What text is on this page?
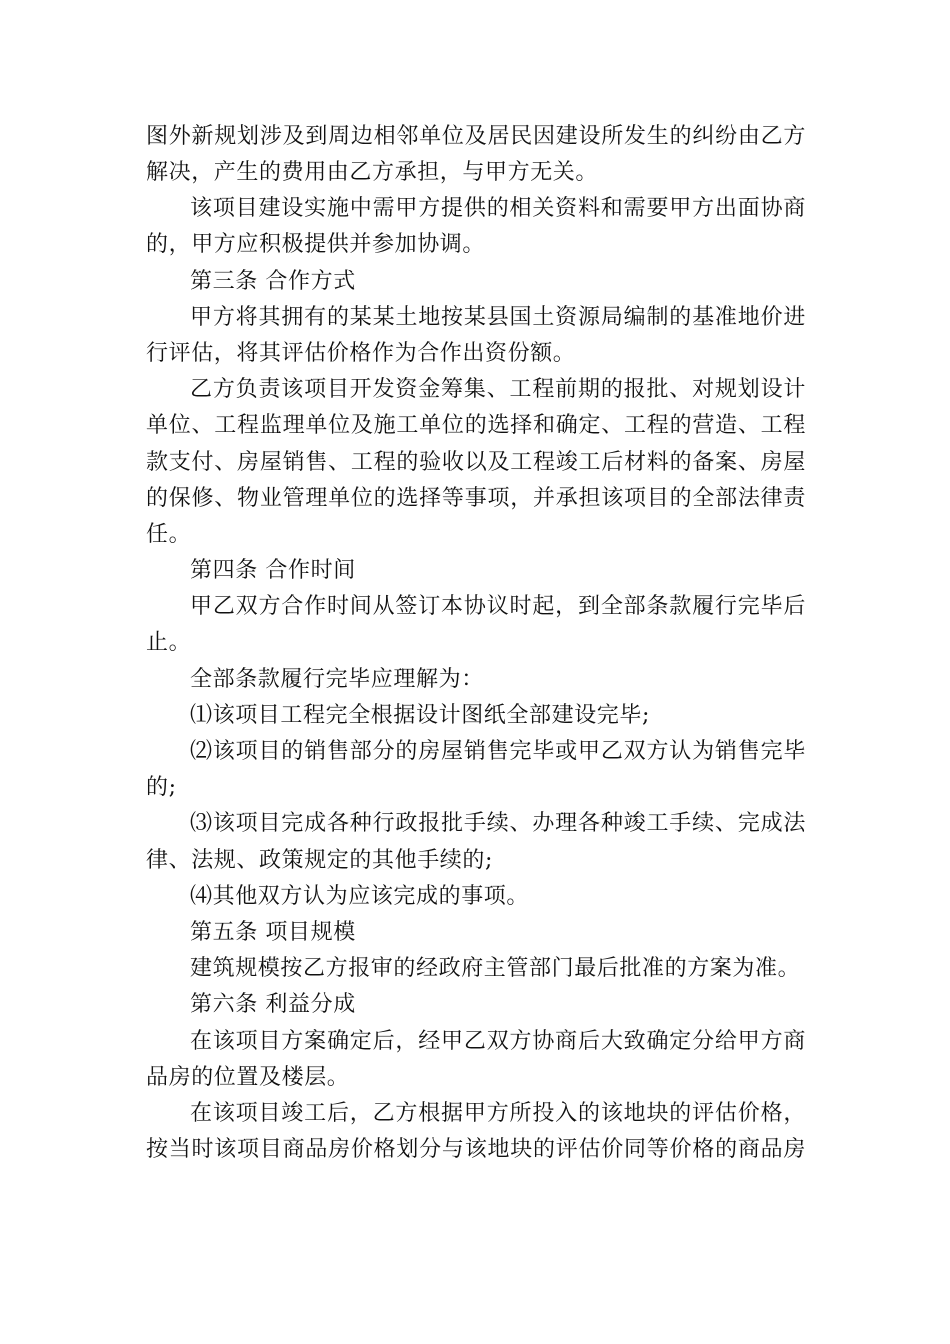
图外新规划涉及到周边相邻单位及居民因建设所发生的纠纷由乙方
解决，产生的费用由乙方承担，与甲方无关。
该项目建设实施中需甲方提供的相关资料和需要甲方出面协商
的，甲方应积极提供并参加协调。
第三条 合作方式
甲方将其拥有的某某土地按某县国土资源局编制的基准地价进
行评估，将其评估价格作为合作出资份额。
乙方负责该项目开发资金筹集、工程前期的报批、对规划设计
单位、工程监理单位及施工单位的选择和确定、工程的营造、工程
款支付、房屋销售、工程的验收以及工程竣工后材料的备案、房屋
的保修、物业管理单位的选择等事项，并承担该项目的全部法律责
任。
第四条 合作时间
甲乙双方合作时间从签订本协议时起，到全部条款履行完毕后
止。
全部条款履行完毕应理解为：
⑴该项目工程完全根据设计图纸全部建设完毕;
⑵该项目的销售部分的房屋销售完毕或甲乙双方认为销售完毕
的;
⑶该项目完成各种行政报批手续、办理各种竣工手续、完成法
律、法规、政策规定的其他手续的;
⑷其他双方认为应该完成的事项。
第五条 项目规模
建筑规模按乙方报审的经政府主管部门最后批准的方案为准。
第六条 利益分成
在该项目方案确定后，经甲乙双方协商后大致确定分给甲方商
品房的位置及楼层。
在该项目竣工后，乙方根据甲方所投入的该地块的评估价格，
按当时该项目商品房价格划分与该地块的评估价同等价格的商品房
